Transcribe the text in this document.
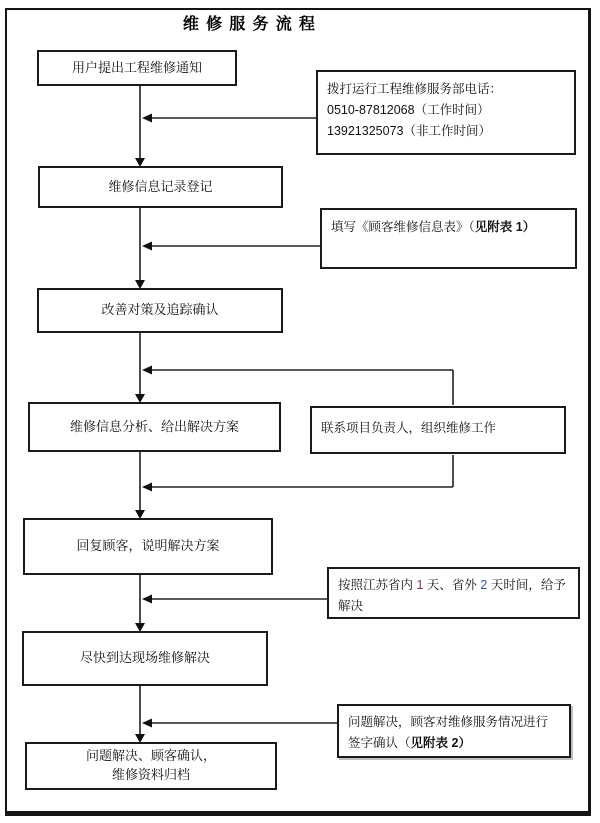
维修服务流程
用户提出工程维修通知
维修信息记录登记
改善对策及追踪确认
维修信息分析、给出解决方案
回复顾客，说明解决方案
尽快到达现场维修解决
问题解决、顾客确认，
维修资料归档
拨打运行工程维修服务部电话：
0510-87812068（工作时间）
13921325073（非工作时间）
填写《顾客维修信息表》（见附表 1）
联系项目负责人，组织维修工作
按照江苏省内 1 天、省外 2 天时间，给予解决
问题解决，顾客对维修服务情况进行
签字确认（见附表 2）
